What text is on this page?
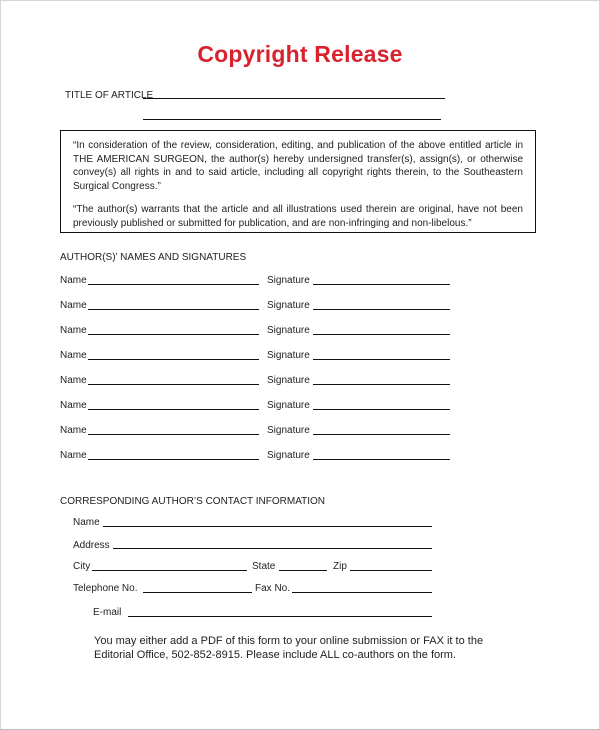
Copyright Release
TITLE OF ARTICLE
“In consideration of the review, consideration, editing, and publication of the above entitled article in THE AMERICAN SURGEON, the author(s) hereby undersigned transfer(s), assign(s), or otherwise convey(s) all rights in and to said article, including all copyright rights therein, to the Southeastern Surgical Congress.”
“The author(s) warrants that the article and all illustrations used therein are original, have not been previously published or submitted for publication, and are non-infringing and non-libelous.”
AUTHOR(S)’ NAMES AND SIGNATURES
Name	Signature
Name	Signature
Name	Signature
Name	Signature
Name	Signature
Name	Signature
Name	Signature
Name	Signature
CORRESPONDING AUTHOR’S CONTACT INFORMATION
Name
Address
City	State	Zip
Telephone No.	Fax No.
E-mail
You may either add a PDF of this form to your online submission or FAX it to the Editorial Office, 502-852-8915. Please include ALL co-authors on the form.
